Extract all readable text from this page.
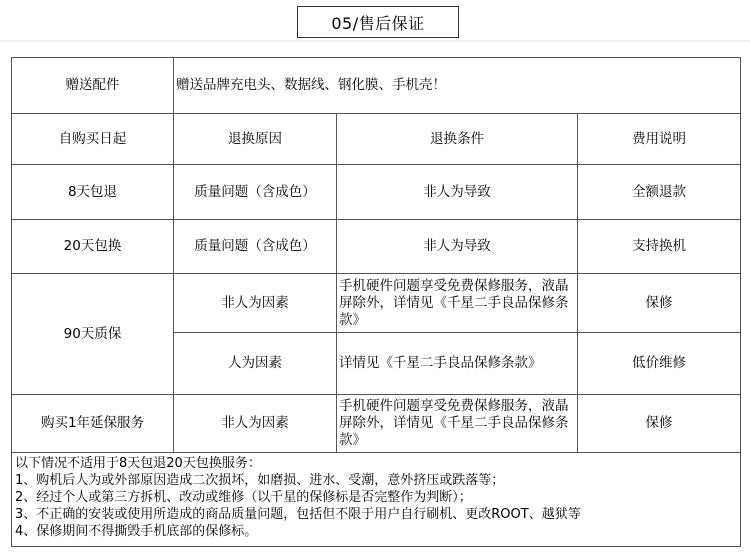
05/售后保证
赠送配件	赠送品牌充电头、数据线、钢化膜、手机壳！		
自购买日起	退换原因	退换条件	费用说明
8天包退	质量问题（含成色）	非人为导致	全额退款
20天包换	质量问题（含成色）	非人为导致	支持换机
90天质保	非人为因素	手机硬件问题享受免费保修服务，液晶屏除外，详情见《千星二手良品保修条款》	保修
	人为因素	详情见《千星二手良品保修条款》	低价维修
购买1年延保服务	非人为因素	手机硬件问题享受免费保修服务，液晶屏除外，详情见《千星二手良品保修条款》	保修

以下情况不适用于8天包退20天包换服务：
1、购机后人为或外部原因造成二次损坏，如磨损、进水、受潮，意外挤压或跌落等；
2、经过个人或第三方拆机、改动或维修（以千星的保修标是否完整作为判断）；
3、不正确的安装或使用所造成的商品质量问题，包括但不限于用户自行刷机、更改ROOT、越狱等
4、保修期间不得撕毁手机底部的保修标。			
